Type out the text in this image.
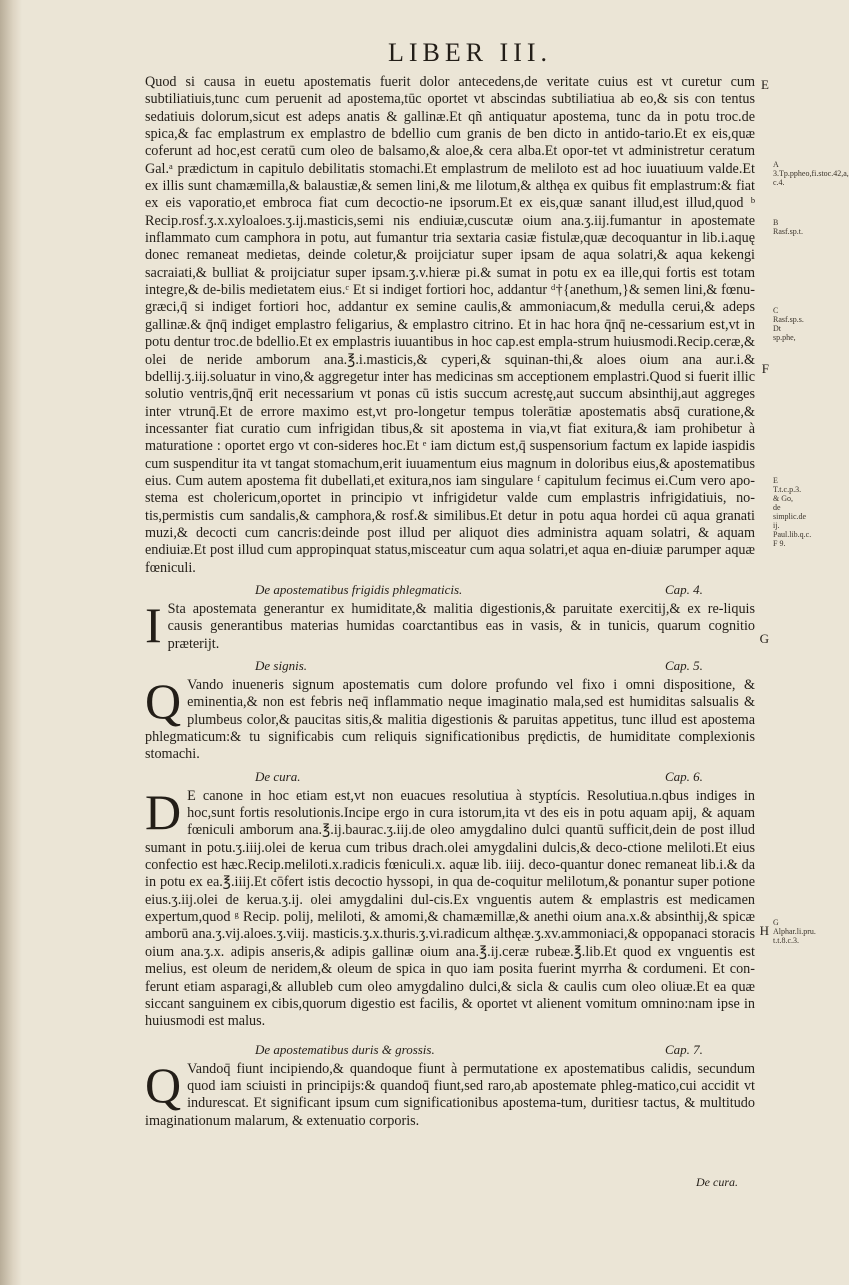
LIBER III.

Quod si causa in euetu apostematis fuerit dolor antecedens,de veritate cuius est vt curetur cum subtiliatiuis,tunc cum peruenit ad apostema,tūc oportet vt abscindas subtiliatiua ab eo,& sis con tentus sedatiuis dolorum,sicut est adeps anatis & gallinæ.Et qñ antiquatur apostema, tunc da in potu troc.de spica,& fac emplastrum ex emplastro de bdellio cum granis de ben dicto in antido-tario.Et ex eis,quæ coferunt ad hoc,est ceratū cum oleo de balsamo,& aloe,& cera alba.Et opor-tet vt administretur ceratum Gal.ᵃ prædictum in capitulo debilitatis stomachi.Et emplastrum de meliloto est ad hoc iuuatiuum valde.Et ex illis sunt chamæmilla,& balaustiæ,& semen lini,& me lilotum,& althęa ex quibus fit emplastrum:& fiat ex eis vaporatio,et embroca fiat cum decoctio-ne ipsorum.Et ex eis,quæ sanant illud,est illud,quod ᵇ Recip.rosf.ʒ.x.xyloaloes.ʒ.ij.masticis,semi nis endiuiæ,cuscutæ oium ana.ʒ.iij.fumantur in apostemate inflammato cum camphora in potu, aut fumantur tria sextaria casiæ fistulæ,quæ decoquantur in lib.i.aquę donec remaneat medietas, deinde coletur,& proijciatur super ipsam de aqua solatri,& aqua kekengi sacraiati,& bulliat & proijciatur super ipsam.ʒ.v.hieræ pi.& sumat in potu ex ea ille,qui fortis est totam integre,& de-bilis medietatem eius.ᶜ Et si indiget fortiori hoc, addantur ᵈ†{anethum,}& semen lini,& fœnu-græci,q̄ si indiget fortiori hoc, addantur ex semine caulis,& ammoniacum,& medulla cerui,& adeps gallinæ.& q̄nq̄ indiget emplastro feligarius, & emplastro citrino. Et in hac hora q̄nq̄ ne-cessarium est,vt in potu dentur troc.de bdellio.Et ex emplastris iuuantibus in hoc cap.est empla-strum huiusmodi.Recip.ceræ,& olei de neride amborum ana.℥.i.masticis,& cyperi,& squinan-thi,& aloes oium ana aur.i.& bdellij.ʒ.iij.soluatur in vino,& aggregetur inter has medicinas sm acceptionem emplastri.Quod si fuerit illic solutio ventris,q̄nq̄ erit necessarium vt ponas cū istis succum acrestę,aut succum absinthij,aut aggreges inter vtrunq̄.Et de errore maximo est,vt pro-longetur tempus tolerātiæ apostematis absq̄ curatione,& incessanter fiat curatio cum infrigidan tibus,& sit apostema in via,vt fiat exitura,& iam prohibetur à maturatione : oportet ergo vt con-sideres hoc.Et ᵉ iam dictum est,q̄ suspensorium factum ex lapide iaspidis cum suspenditur ita vt tangat stomachum,erit iuuamentum eius magnum in doloribus eius,& apostematibus eius. Cum autem apostema fit dubellati,et exitura,nos iam singulare ᶠ capitulum fecimus ei.Cum vero apo-stema est cholericum,oportet in principio vt infrigidetur valde cum emplastris infrigidatiuis, no-tis,permistis cum sandalis,& camphora,& rosf.& similibus.Et detur in potu aqua hordei cū aqua granati muzi,& decocti cum cancris:deinde post illud per aliquot dies administra aquam solatri, & aquam endiuiæ.Et post illud cum appropinquat status,misceatur cum aqua solatri,et aqua en-diuiæ parumper aquæ fœniculi.

E
F
De apostematibus frigidis phlegmaticis.	Cap. 4.

I Sta apostemata generantur ex humiditate,& malitia digestionis,& paruitate exercitij,& ex re-liquis causis generantibus materias humidas coarctantibus eas in vasis, & in tunicis, quarum cognitio præterijt.	G
De signis.	Cap. 5.

Q Vando inueneris signum apostematis cum dolore profundo vel fixo i omni dispositione, & eminentia,& non est febris neq̄ inflammatio neque imaginatio mala,sed est humiditas salsualis & plumbeus color,& paucitas sitis,& malitia digestionis & paruitas appetitus, tunc illud est apostema phlegmaticum:& tu significabis cum reliquis significationibus prędictis, de humiditate complexionis stomachi.

De cura.	Cap. 6.

D E canone in hoc etiam est,vt non euacues resolutiua à styptícis. Resolutiua.n.qbus indiges in hoc,sunt fortis resolutionis.Incipe ergo in cura istorum,ita vt des eis in potu aquam apij, & aquam fœniculi amborum ana.℥.ij.baurac.ʒ.iij.de oleo amygdalino dulci quantū sufficit,dein de post illud sumant in potu.ʒ.iiij.olei de kerua cum tribus drach.olei amygdalini dulcis,& deco-ctione meliloti.Et eius confectio est hæc.Recip.meliloti.x.radicis fœniculi.x. aquæ lib. iiij. deco-quantur donec remaneat lib.i.& da in potu ex ea.℥.iiij.Et cōfert istis decoctio hyssopi, in qua de-coquitur melilotum,& ponantur super potione eius.ʒ.iij.olei de kerua.ʒ.ij. olei amygdalini dul-cis.Ex vnguentis autem & emplastris est medicamen expertum,quod ᵍ Recip. polij, meliloti, & amomi,& chamæmillæ,& anethi oium ana.x.& absinthij,& spicæ amborū ana.ʒ.vij.aloes.ʒ.viij. masticis.ʒ.x.thuris.ʒ.vi.radicum althęæ.ʒ.xv.ammoniaci,& oppopanaci storacis oium ana.ʒ.x. adipis anseris,& adipis gallinæ oium ana.℥.ij.ceræ rubeæ.℥.lib.Et quod ex vnguentis est melius, est oleum de neridem,& oleum de spica in quo iam posita fuerint myrrha & cordumeni. Et con-ferunt etiam asparagi,& allubleb cum oleo amygdalino dulci,& sicla & caulis cum oleo oliuæ.Et ea quæ siccant sanguinem ex cibis,quorum digestio est facilis, & oportet vt alienent vomitum omnino:nam ipse in huiusmodi est malus.

H
De apostematibus duris & grossis.	Cap. 7.

Q Vandoq̄ fiunt incipiendo,& quandoque fiunt à permutatione ex apostematibus calidis, secundum quod iam sciuisti in principijs:& quandoq̄ fiunt,sed raro,ab apostemate phleg-matico,cui accidit vt indurescat. Et significant ipsum cum significationibus apostema-tum, duritiesr tactus, & multitudo imaginationum malarum, & extenuatio corporis.

A 3.Tp.ppheo,fi.stoc.42,a, c.4.
B Rasf.sp.t.
C Rasf.sp.s. Dt sp.phe,
E T.t.c.p.3. & Go, de simplic.de ij. Paul.lib.q.c. F 9.
G Alphar.li.pru. t.t.8.c.3.
De cura.
